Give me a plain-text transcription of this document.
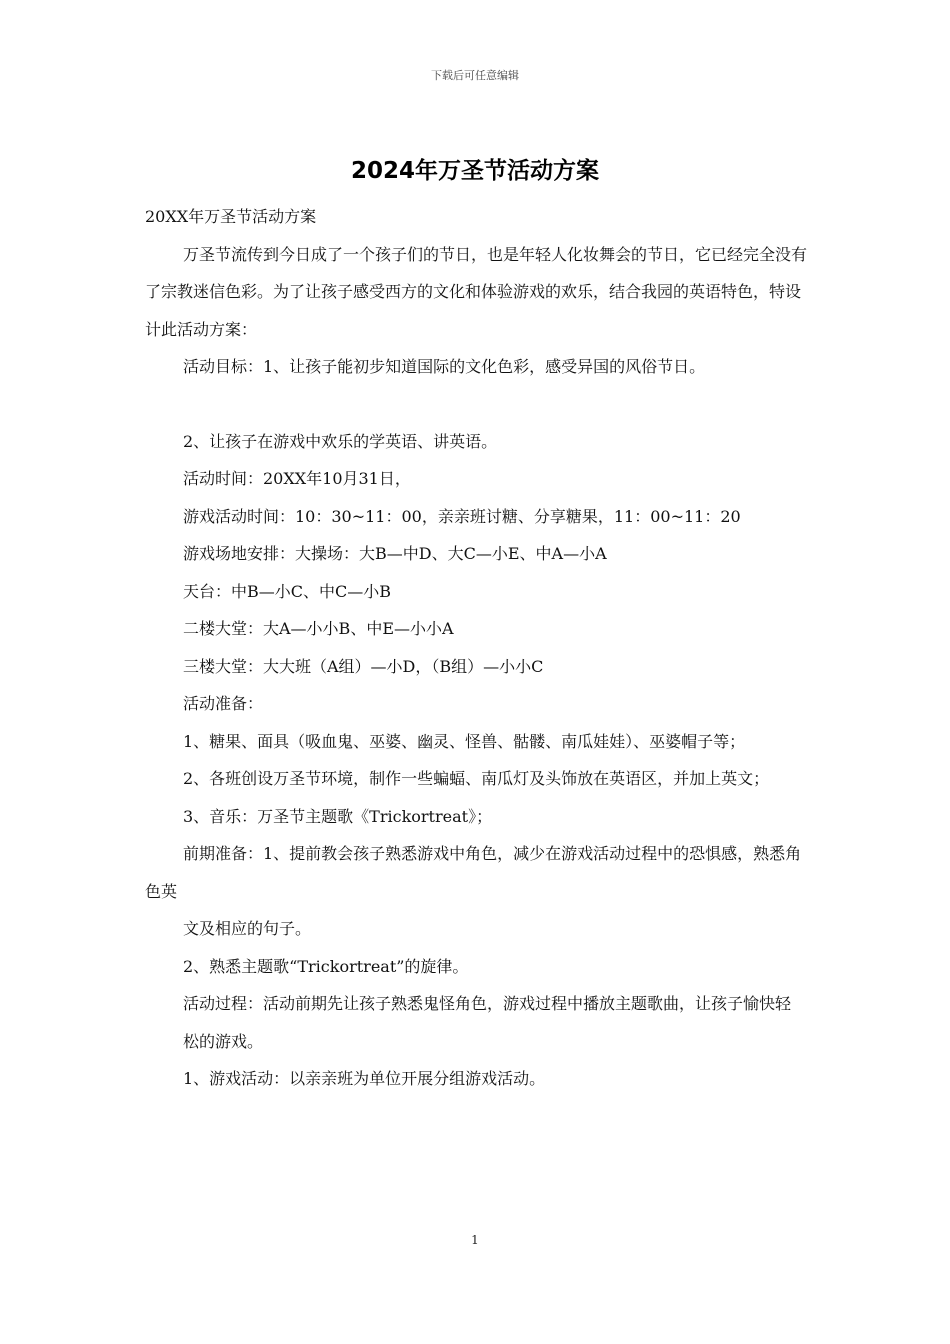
下载后可任意编辑
2024年万圣节活动方案

20XX年万圣节活动方案

万圣节流传到今日成了一个孩子们的节日，也是年轻人化妆舞会的节日，它已经完全没有了宗教迷信色彩。为了让孩子感受西方的文化和体验游戏的欢乐，结合我园的英语特色，特设计此活动方案：

活动目标：1、让孩子能初步知道国际的文化色彩，感受异国的风俗节日。

2、让孩子在游戏中欢乐的学英语、讲英语。

活动时间：20XX年10月31日，

游戏活动时间：10：30~11：00，亲亲班讨糖、分享糖果，11：00~11：20

游戏场地安排：大操场：大B—中D、大C—小E、中A—小A

天台：中B—小C、中C—小B

二楼大堂：大A—小小B、中E—小小A

三楼大堂：大大班（A组）—小D，（B组）—小小C

活动准备：

1、糖果、面具（吸血鬼、巫婆、幽灵、怪兽、骷髅、南瓜娃娃）、巫婆帽子等；

2、各班创设万圣节环境，制作一些蝙蝠、南瓜灯及头饰放在英语区，并加上英文；

3、音乐：万圣节主题歌《Trickortreat》；

前期准备：1、提前教会孩子熟悉游戏中角色，减少在游戏活动过程中的恐惧感，熟悉角色英

文及相应的句子。

2、熟悉主题歌“Trickortreat”的旋律。

活动过程：活动前期先让孩子熟悉鬼怪角色，游戏过程中播放主题歌曲，让孩子愉快轻

松的游戏。

1、游戏活动：以亲亲班为单位开展分组游戏活动。

1
